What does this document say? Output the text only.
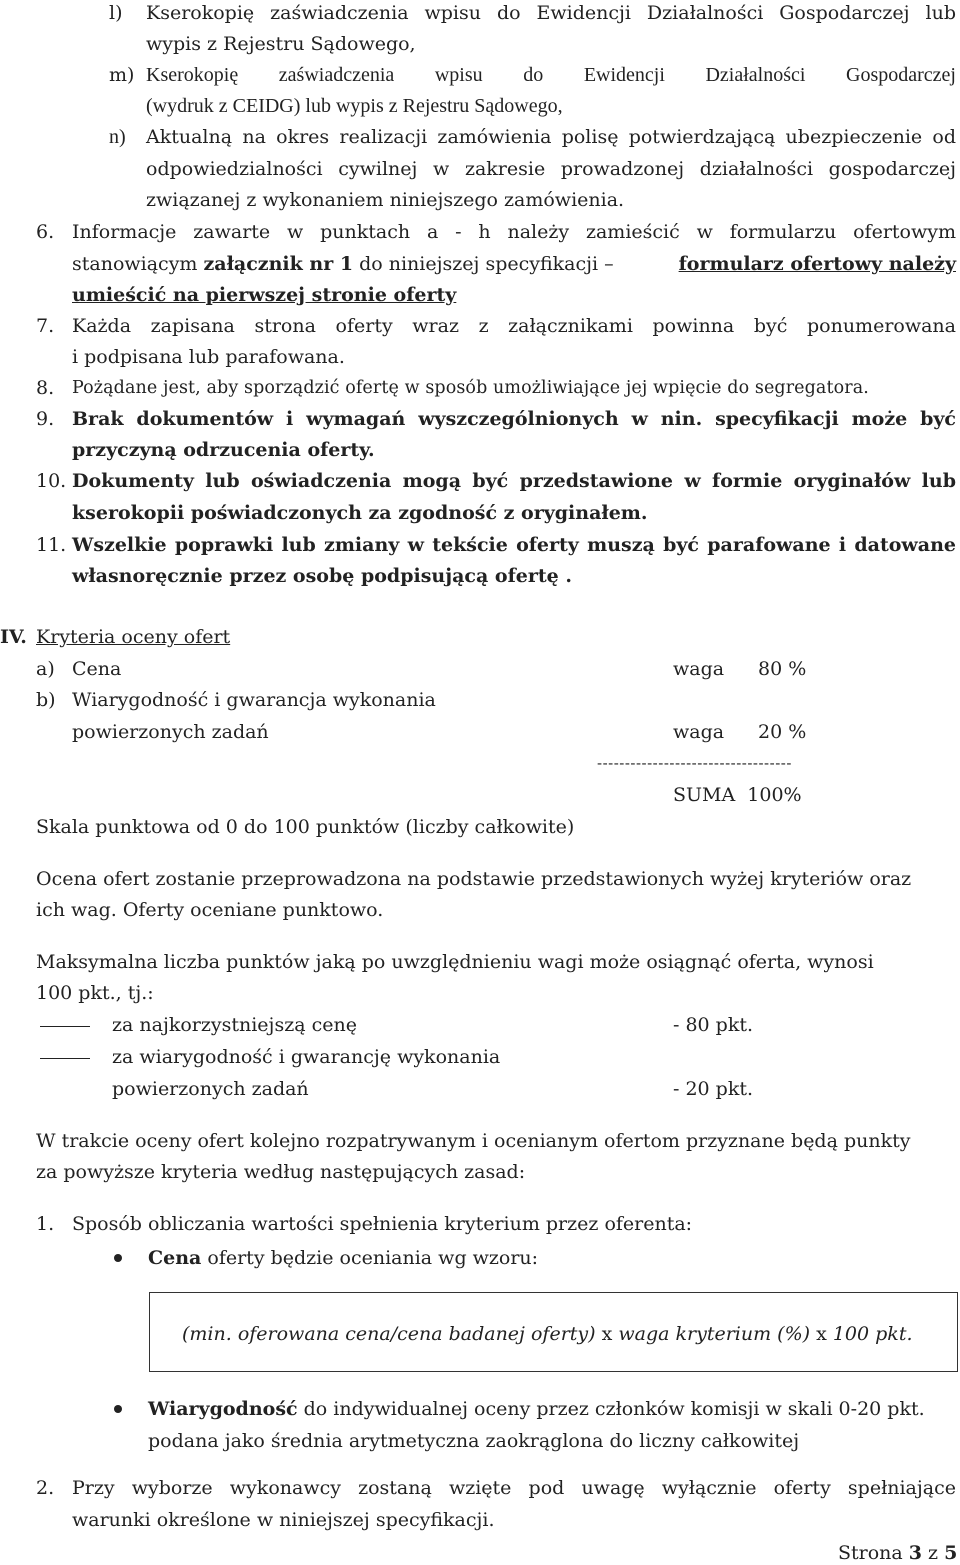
l) Kserokopię zaświadczenia wpisu do Ewidencji Działalności Gospodarczej lub
wypis z Rejestru Sądowego,
m) Kserokopię zaświadczenia wpisu do Ewidencji Działalności Gospodarczej
(wydruk z CEIDG) lub wypis z Rejestru Sądowego,
n) Aktualną na okres realizacji zamówienia polisę potwierdzającą ubezpieczenie od
odpowiedzialności cywilnej w zakresie prowadzonej działalności gospodarczej
związanej z wykonaniem niniejszego zamówienia.
6. Informacje zawarte w punktach a - h należy zamieścić w formularzu ofertowym
stanowiącym załącznik nr 1 do niniejszej specyfikacji –	formularz ofertowy należy
umieścić na pierwszej stronie oferty
7. Każda zapisana strona oferty wraz z załącznikami powinna być ponumerowana
i podpisana lub parafowana.
8. Pożądane jest, aby sporządzić ofertę w sposób umożliwiające jej wpięcie do segregatora.
9. Brak dokumentów i wymagań wyszczególnionych w nin. specyfikacji może być
przyczyną odrzucenia oferty.
10. Dokumenty lub oświadczenia mogą być przedstawione w formie oryginałów lub
kserokopii poświadczonych za zgodność z oryginałem.
11. Wszelkie poprawki lub zmiany w tekście oferty muszą być parafowane i datowane
własnoręcznie przez osobę podpisującą ofertę .
IV. Kryteria oceny ofert
a) Cena	waga 80 %
b) Wiarygodność i gwarancja wykonania
powierzonych zadań	waga 20 %
-----------------------------------
SUMA  100%
Skala punktowa od 0 do 100 punktów (liczby całkowite)
Ocena ofert zostanie przeprowadzona na podstawie przedstawionych wyżej kryteriów oraz
ich wag. Oferty oceniane punktowo.
Maksymalna liczba punktów jaką po uwzględnieniu wagi może osiągnąć oferta, wynosi
100 pkt., tj.:
za najkorzystniejszą cenę	- 80 pkt.
za wiarygodność i gwarancję wykonania
powierzonych zadań	- 20 pkt.
W trakcie oceny ofert kolejno rozpatrywanym i ocenianym ofertom przyznane będą punkty
za powyższe kryteria według następujących zasad:
1. Sposób obliczania wartości spełnienia kryterium przez oferenta:
Cena oferty będzie oceniania wg wzoru:
(min. oferowana cena/cena badanej oferty) x waga kryterium (%) x 100 pkt.
Wiarygodność do indywidualnej oceny przez członków komisji w skali 0-20 pkt.
podana jako średnia arytmetyczna zaokrąglona do liczny całkowitej
2. Przy wyborze wykonawcy zostaną wzięte pod uwagę wyłącznie oferty spełniające
warunki określone w niniejszej specyfikacji.
Strona 3 z 5
